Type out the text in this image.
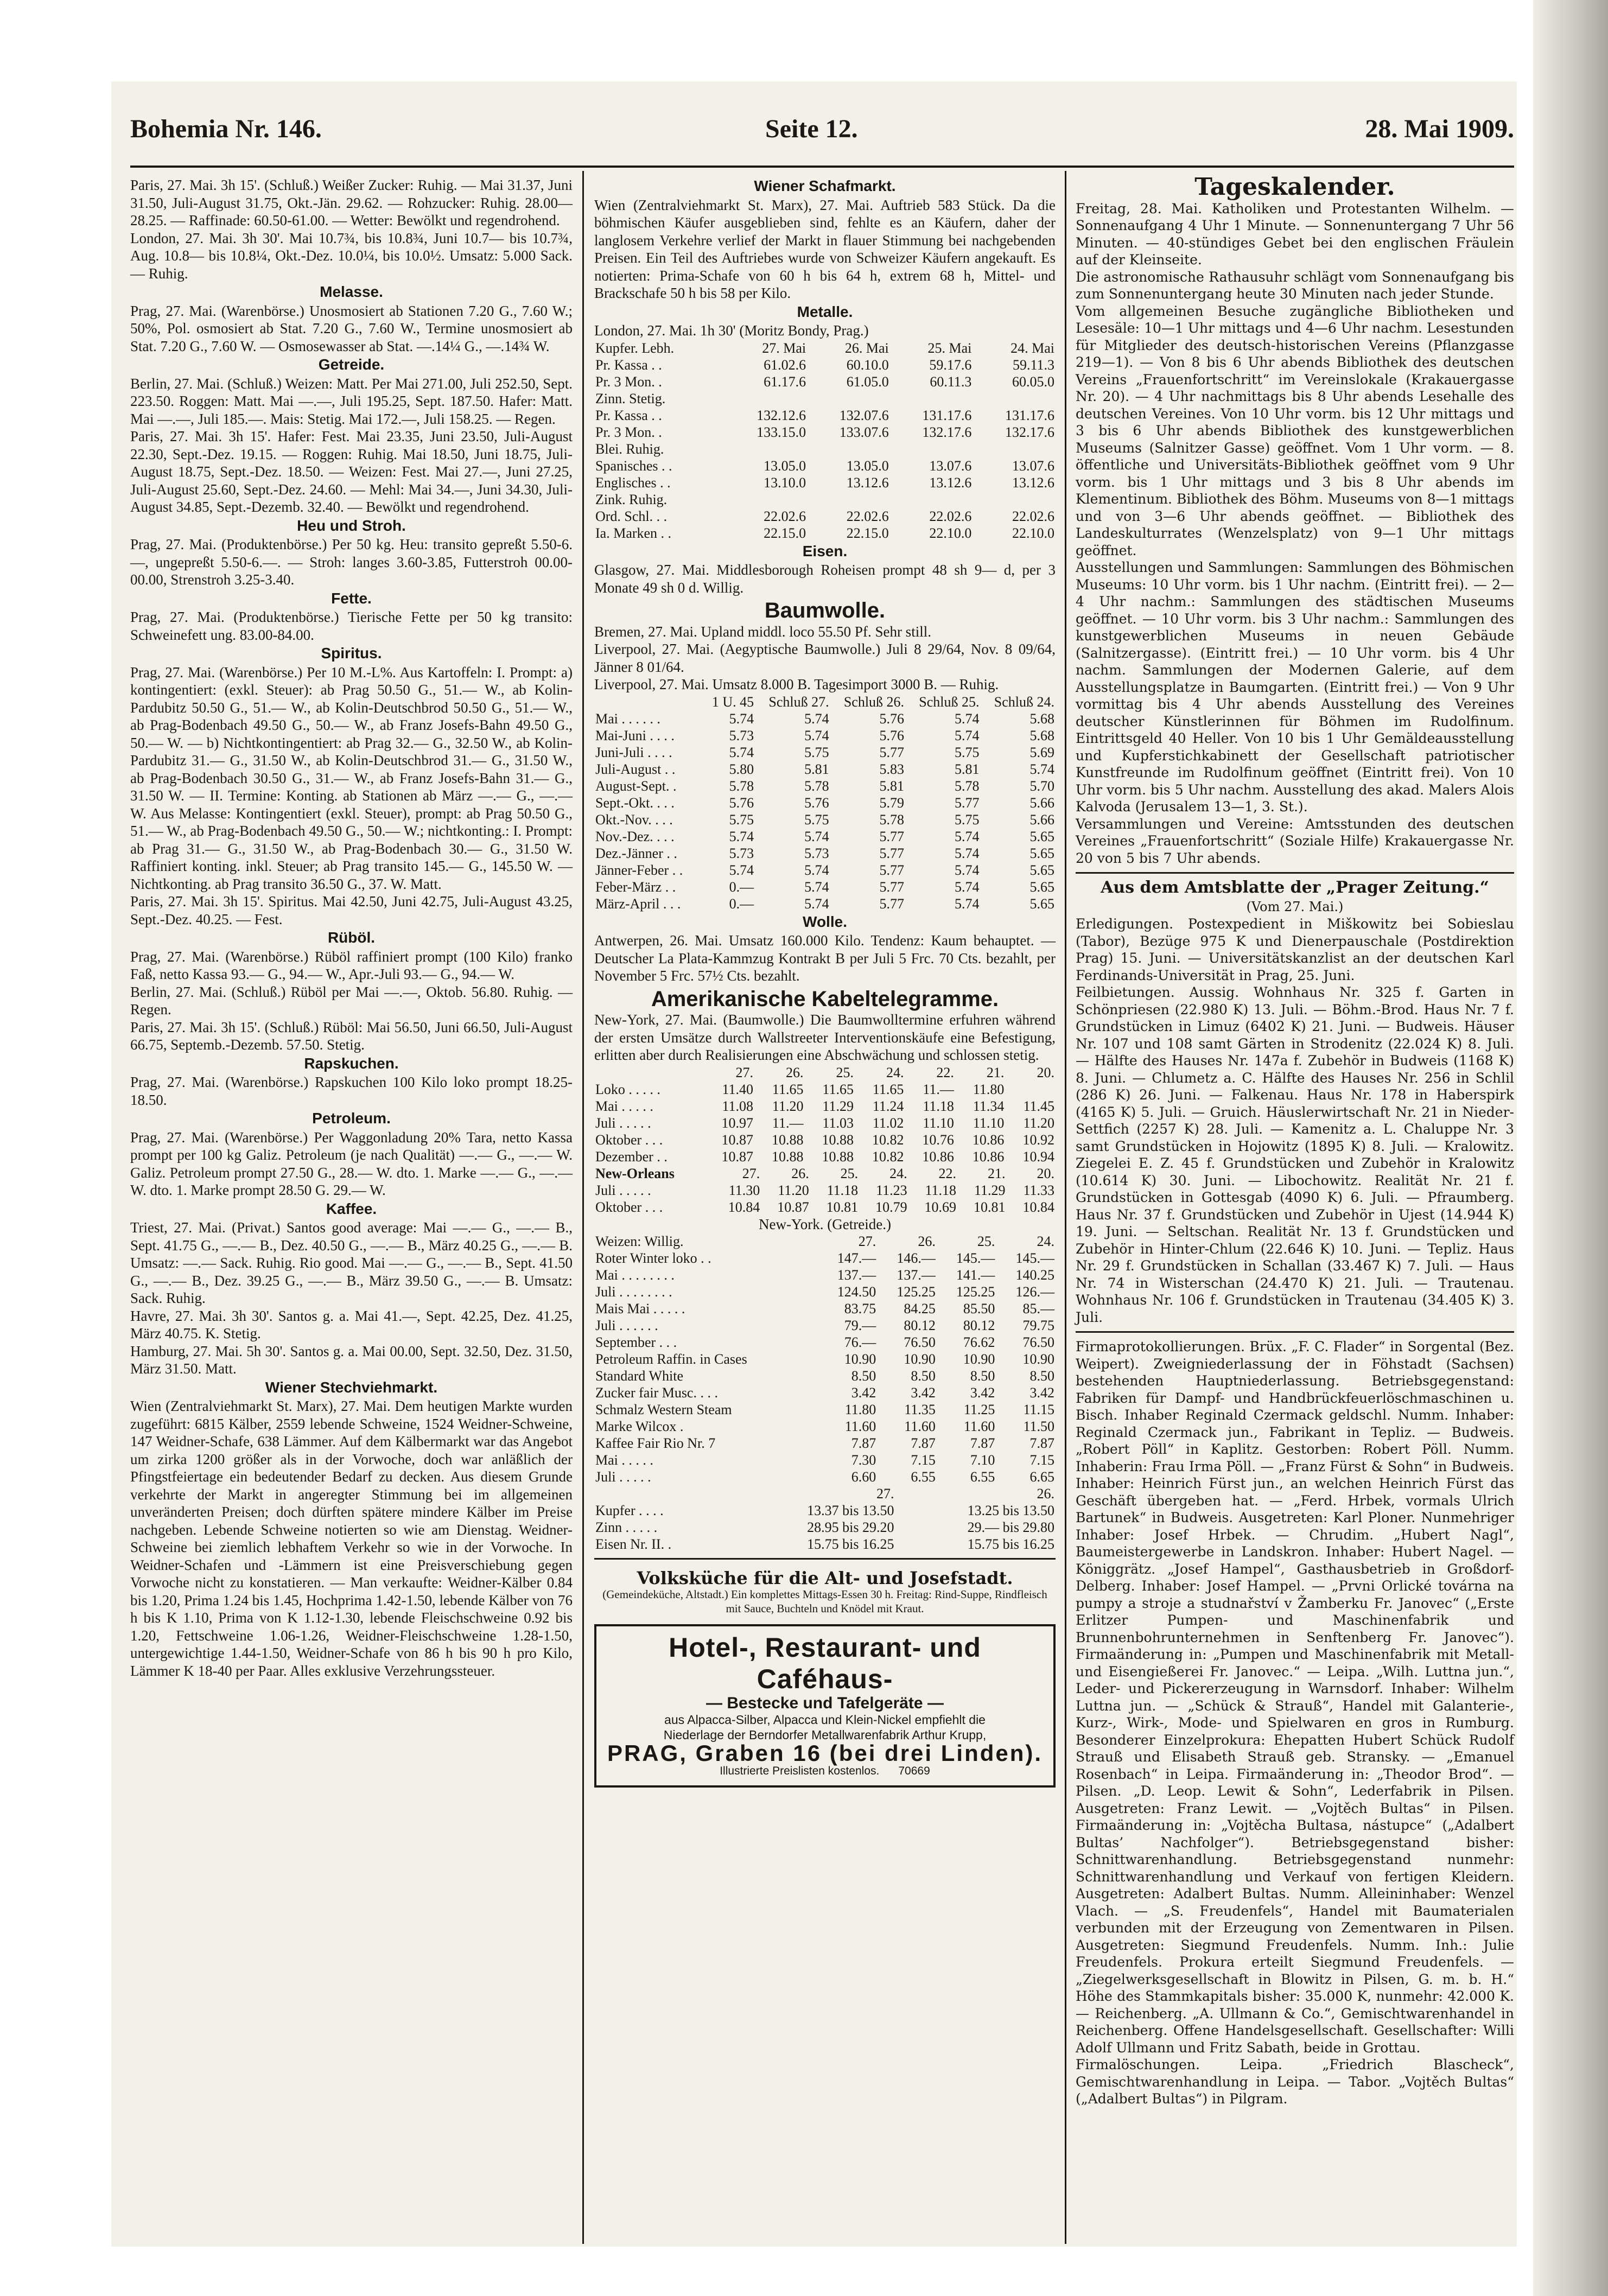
Bohemia Nr. 146.	Seite 12.	28. Mai 1909.

Paris, 27. Mai. 3h 15'. (Schluß.) Weißer Zucker: Ruhig. — Mai 31.37, Juni 31.50, Juli-August 31.75, Okt.-Jän. 29.62. — Rohzucker: Ruhig. 28.00—28.25. — Raffinade: 60.50-61.00. — Wetter: Bewölkt und regendrohend.

London, 27. Mai. 3h 30'. Mai 10.7¾, bis 10.8¾, Juni 10.7— bis 10.7¾, Aug. 10.8— bis 10.8¼, Okt.-Dez. 10.0¼, bis 10.0½. Umsatz: 5.000 Sack. — Ruhig.

Melasse.

Prag, 27. Mai. (Warenbörse.) Unosmosiert ab Stationen 7.20 G., 7.60 W.; 50%, Pol. osmosiert ab Stat. 7.20 G., 7.60 W., Termine unosmosiert ab Stat. 7.20 G., 7.60 W. — Osmosewasser ab Stat. —.14¼ G., —.14¾ W.

Getreide.

Berlin, 27. Mai. (Schluß.) Weizen: Matt. Per Mai 271.00, Juli 252.50, Sept. 223.50. Roggen: Matt. Mai —.—, Juli 195.25, Sept. 187.50. Hafer: Matt. Mai —.—, Juli 185.—. Mais: Stetig. Mai 172.—, Juli 158.25. — Regen.

Paris, 27. Mai. 3h 15'. Hafer: Fest. Mai 23.35, Juni 23.50, Juli-August 22.30, Sept.-Dez. 19.15. — Roggen: Ruhig. Mai 18.50, Juni 18.75, Juli-August 18.75, Sept.-Dez. 18.50. — Weizen: Fest. Mai 27.—, Juni 27.25, Juli-August 25.60, Sept.-Dez. 24.60. — Mehl: Mai 34.—, Juni 34.30, Juli-August 34.85, Sept.-Dezemb. 32.40. — Bewölkt und regendrohend.

Heu und Stroh.

Prag, 27. Mai. (Produktenbörse.) Per 50 kg. Heu: transito gepreßt 5.50-6.—, ungepreßt 5.50-6.—. — Stroh: langes 3.60-3.85, Futterstroh 00.00-00.00, Strenstroh 3.25-3.40.

Fette.

Prag, 27. Mai. (Produktenbörse.) Tierische Fette per 50 kg transito: Schweinefett ung. 83.00-84.00.

Spiritus.

Prag, 27. Mai. (Warenbörse.) Per 10 M.-L%. Aus Kartoffeln: I. Prompt: a) kontingentiert: (exkl. Steuer): ab Prag 50.50 G., 51.— W., ab Kolin-Pardubitz 50.50 G., 51.— W., ab Kolin-Deutschbrod 50.50 G., 51.— W., ab Prag-Bodenbach 49.50 G., 50.— W., ab Franz Josefs-Bahn 49.50 G., 50.— W. — b) Nichtkontingentiert: ab Prag 32.— G., 32.50 W., ab Kolin-Pardubitz 31.— G., 31.50 W., ab Kolin-Deutschbrod 31.— G., 31.50 W., ab Prag-Bodenbach 30.50 G., 31.— W., ab Franz Josefs-Bahn 31.— G., 31.50 W. — II. Termine: Konting. ab Stationen ab März —.— G., —.— W. Aus Melasse: Kontingentiert (exkl. Steuer), prompt: ab Prag 50.50 G., 51.— W., ab Prag-Bodenbach 49.50 G., 50.— W.; nichtkonting.: I. Prompt: ab Prag 31.— G., 31.50 W., ab Prag-Bodenbach 30.— G., 31.50 W. Raffiniert konting. inkl. Steuer; ab Prag transito 145.— G., 145.50 W. — Nichtkonting. ab Prag transito 36.50 G., 37. W. Matt.

Paris, 27. Mai. 3h 15'. Spiritus. Mai 42.50, Juni 42.75, Juli-August 43.25, Sept.-Dez. 40.25. — Fest.

Rüböl.

Prag, 27. Mai. (Warenbörse.) Rüböl raffiniert prompt (100 Kilo) franko Faß, netto Kassa 93.— G., 94.— W., Apr.-Juli 93.— G., 94.— W.

Berlin, 27. Mai. (Schluß.) Rüböl per Mai —.—, Oktob. 56.80. Ruhig. — Regen.

Paris, 27. Mai. 3h 15'. (Schluß.) Rüböl: Mai 56.50, Juni 66.50, Juli-August 66.75, Septemb.-Dezemb. 57.50. Stetig.

Rapskuchen.

Prag, 27. Mai. (Warenbörse.) Rapskuchen 100 Kilo loko prompt 18.25-18.50.

Petroleum.

Prag, 27. Mai. (Warenbörse.) Per Waggonladung 20% Tara, netto Kassa prompt per 100 kg Galiz. Petroleum (je nach Qualität) —.— G., —.— W. Galiz. Petroleum prompt 27.50 G., 28.— W. dto. 1. Marke —.— G., —.— W. dto. 1. Marke prompt 28.50 G. 29.— W.

Kaffee.

Triest, 27. Mai. (Privat.) Santos good average: Mai —.— G., —.— B., Sept. 41.75 G., —.— B., Dez. 40.50 G., —.— B., März 40.25 G., —.— B. Umsatz: —.— Sack. Ruhig. Rio good. Mai —.— G., —.— B., Sept. 41.50 G., —.— B., Dez. 39.25 G., —.— B., März 39.50 G., —.— B. Umsatz: Sack. Ruhig.

Havre, 27. Mai. 3h 30'. Santos g. a. Mai 41.—, Sept. 42.25, Dez. 41.25, März 40.75. K. Stetig.

Hamburg, 27. Mai. 5h 30'. Santos g. a. Mai 00.00, Sept. 32.50, Dez. 31.50, März 31.50. Matt.

Wiener Stechviehmarkt.

Wien (Zentralviehmarkt St. Marx), 27. Mai. Dem heutigen Markte wurden zugeführt: 6815 Kälber, 2559 lebende Schweine, 1524 Weidner-Schweine, 147 Weidner-Schafe, 638 Lämmer. Auf dem Kälbermarkt war das Angebot um zirka 1200 größer als in der Vorwoche, doch war anläßlich der Pfingstfeiertage ein bedeutender Bedarf zu decken. Aus diesem Grunde verkehrte der Markt in angeregter Stimmung bei im allgemeinen unveränderten Preisen; doch dürften spätere mindere Kälber im Preise nachgeben. Lebende Schweine notierten so wie am Dienstag. Weidner-Schweine bei ziemlich lebhaftem Verkehr so wie in der Vorwoche. In Weidner-Schafen und -Lämmern ist eine Preisverschiebung gegen Vorwoche nicht zu konstatieren. — Man verkaufte: Weidner-Kälber 0.84 bis 1.20, Prima 1.24 bis 1.45, Hochprima 1.42-1.50, lebende Kälber von 76 h bis K 1.10, Prima von K 1.12-1.30, lebende Fleischschweine 0.92 bis 1.20, Fettschweine 1.06-1.26, Weidner-Fleischschweine 1.28-1.50, untergewichtige 1.44-1.50, Weidner-Schafe von 86 h bis 90 h pro Kilo, Lämmer K 18-40 per Paar. Alles exklusive Verzehrungssteuer.

Wiener Schafmarkt.

Wien (Zentralviehmarkt St. Marx), 27. Mai. Auftrieb 583 Stück. Da die böhmischen Käufer ausgeblieben sind, fehlte es an Käufern, daher der langlosem Verkehre verlief der Markt in flauer Stimmung bei nachgebenden Preisen. Ein Teil des Auftriebes wurde von Schweizer Käufern angekauft. Es notierten: Prima-Schafe von 60 h bis 64 h, extrem 68 h, Mittel- und Brackschafe 50 h bis 58 per Kilo.

Metalle.

London, 27. Mai. 1h 30' (Moritz Bondy, Prag.)

Kupfer. Lebh.	27. Mai	26. Mai	25. Mai	24. Mai
Pr. Kassa . .	61.02.6	60.10.0	59.17.6	59.11.3
Pr. 3 Mon. .	61.17.6	61.05.0	60.11.3	60.05.0
Zinn. Stetig.				
Pr. Kassa . .	132.12.6	132.07.6	131.17.6	131.17.6
Pr. 3 Mon. .	133.15.0	133.07.6	132.17.6	132.17.6
Blei. Ruhig.				
Spanisches . .	13.05.0	13.05.0	13.07.6	13.07.6
Englisches . .	13.10.0	13.12.6	13.12.6	13.12.6
Zink. Ruhig.				
Ord. Schl. . .	22.02.6	22.02.6	22.02.6	22.02.6
Ia. Marken . .	22.15.0	22.15.0	22.10.0	22.10.0
Eisen.

Glasgow, 27. Mai. Middlesborough Roheisen prompt 48 sh 9— d, per 3 Monate 49 sh 0 d. Willig.

Baumwolle.

Bremen, 27. Mai. Upland middl. loco 55.50 Pf. Sehr still.

Liverpool, 27. Mai. (Aegyptische Baumwolle.) Juli 8 29/64, Nov. 8 09/64, Jänner 8 01/64.

Liverpool, 27. Mai. Umsatz 8.000 B. Tagesimport 3000 B. — Ruhig.

	1 U. 45	Schluß 27.	Schluß 26.	Schluß 25.	Schluß 24.
Mai . . . . . .	5.74	5.74	5.76	5.74	5.68
Mai-Juni . . . .	5.73	5.74	5.76	5.74	5.68
Juni-Juli . . . .	5.74	5.75	5.77	5.75	5.69
Juli-August . .	5.80	5.81	5.83	5.81	5.74
August-Sept. .	5.78	5.78	5.81	5.78	5.70
Sept.-Okt. . . .	5.76	5.76	5.79	5.77	5.66
Okt.-Nov. . . .	5.75	5.75	5.78	5.75	5.66
Nov.-Dez. . . .	5.74	5.74	5.77	5.74	5.65
Dez.-Jänner . .	5.73	5.73	5.77	5.74	5.65
Jänner-Feber . .	5.74	5.74	5.77	5.74	5.65
Feber-März . .	0.—	5.74	5.77	5.74	5.65
März-April . . .	0.—	5.74	5.77	5.74	5.65
Wolle.

Antwerpen, 26. Mai. Umsatz 160.000 Kilo. Tendenz: Kaum behauptet. — Deutscher La Plata-Kammzug Kontrakt B per Juli 5 Frc. 70 Cts. bezahlt, per November 5 Frc. 57½ Cts. bezahlt.

Amerikanische Kabeltelegramme.

New-York, 27. Mai. (Baumwolle.) Die Baumwolltermine erfuhren während der ersten Umsätze durch Wallstreeter Interventionskäufe eine Befestigung, erlitten aber durch Realisierungen eine Abschwächung und schlossen stetig.

	27.	26.	25.	24.	22.	21.	20.
Loko . . . . .	11.40	11.65	11.65	11.65	11.—	11.80	
Mai . . . . .	11.08	11.20	11.29	11.24	11.18	11.34	11.45
Juli . . . . .	10.97	11.—	11.03	11.02	11.10	11.10	11.20
Oktober . . .	10.87	10.88	10.88	10.82	10.76	10.86	10.92
Dezember . .	10.87	10.88	10.88	10.82	10.86	10.86	10.94
New-Orleans	27.	26.	25.	24.	22.	21.	20.
Juli . . . . .	11.30	11.20	11.18	11.23	11.18	11.29	11.33
Oktober . . .	10.84	10.87	10.81	10.79	10.69	10.81	10.84

New-York. (Getreide.)

Weizen: Willig.	27.	26.	25.	24.
Roter Winter loko . .	147.—	146.—	145.—	145.—
Mai . . . . . . . .	137.—	137.—	141.—	140.25
Juli . . . . . . . .	124.50	125.25	125.25	126.—
Mais Mai . . . . .	83.75	84.25	85.50	85.—
Juli . . . . . .	79.—	80.12	80.12	79.75
September . . .	76.—	76.50	76.62	76.50
Petroleum Raffin. in Cases	10.90	10.90	10.90	10.90
Standard White	8.50	8.50	8.50	8.50
Zucker fair Musc. . . .	3.42	3.42	3.42	3.42
Schmalz Western Steam	11.80	11.35	11.25	11.15
Marke Wilcox .	11.60	11.60	11.60	11.50
Kaffee Fair Rio Nr. 7	7.87	7.87	7.87	7.87
Mai . . . . .	7.30	7.15	7.10	7.15
Juli . . . . .	6.60	6.55	6.55	6.65
	27.	26.
Kupfer . . . .	13.37 bis 13.50	13.25 bis 13.50
Zinn . . . . .	28.95 bis 29.20	29.— bis 29.80
Eisen Nr. II. .	15.75 bis 16.25	15.75 bis 16.25
Volksküche für die Alt- und Josefstadt.
(Gemeindeküche, Altstadt.) Ein komplettes Mittags-Essen 30 h. Freitag: Rind-Suppe, Rindfleisch mit Sauce, Buchteln und Knödel mit Kraut.
Hotel-, Restaurant- und Caféhaus-
— Bestecke und Tafelgeräte —
aus Alpacca-Silber, Alpacca und Klein-Nickel empfiehlt die
Niederlage der Berndorfer Metallwarenfabrik Arthur Krupp,
PRAG, Graben 16 (bei drei Linden).
Illustrierte Preislisten kostenlos. 70669
Tageskalender.

Freitag, 28. Mai. Katholiken und Protestanten Wilhelm. — Sonnenaufgang 4 Uhr 1 Minute. — Sonnenuntergang 7 Uhr 56 Minuten. — 40-stündiges Gebet bei den englischen Fräulein auf der Kleinseite.

Die astronomische Rathausuhr schlägt vom Sonnenaufgang bis zum Sonnenuntergang heute 30 Minuten nach jeder Stunde.

Vom allgemeinen Besuche zugängliche Bibliotheken und Lesesäle: 10—1 Uhr mittags und 4—6 Uhr nachm. Lesestunden für Mitglieder des deutsch-historischen Vereins (Pflanzgasse 219—1). — Von 8 bis 6 Uhr abends Bibliothek des deutschen Vereins „Frauenfortschritt“ im Vereinslokale (Krakauergasse Nr. 20). — 4 Uhr nachmittags bis 8 Uhr abends Lesehalle des deutschen Vereines. Von 10 Uhr vorm. bis 12 Uhr mittags und 3 bis 6 Uhr abends Bibliothek des kunstgewerblichen Museums (Salnitzer Gasse) geöffnet. Vom 1 Uhr vorm. — 8. öffentliche und Universitäts-Bibliothek geöffnet vom 9 Uhr vorm. bis 1 Uhr mittags und 3 bis 8 Uhr abends im Klementinum. Bibliothek des Böhm. Museums von 8—1 mittags und von 3—6 Uhr abends geöffnet. — Bibliothek des Landeskulturrates (Wenzelsplatz) von 9—1 Uhr mittags geöffnet.

Ausstellungen und Sammlungen: Sammlungen des Böhmischen Museums: 10 Uhr vorm. bis 1 Uhr nachm. (Eintritt frei). — 2—4 Uhr nachm.: Sammlungen des städtischen Museums geöffnet. — 10 Uhr vorm. bis 3 Uhr nachm.: Sammlungen des kunstgewerblichen Museums in neuen Gebäude (Salnitzergasse). (Eintritt frei.) — 10 Uhr vorm. bis 4 Uhr nachm. Sammlungen der Modernen Galerie, auf dem Ausstellungsplatze in Baumgarten. (Eintritt frei.) — Von 9 Uhr vormittag bis 4 Uhr abends Ausstellung des Vereines deutscher Künstlerinnen für Böhmen im Rudolfinum. Eintrittsgeld 40 Heller. Von 10 bis 1 Uhr Gemäldeausstellung und Kupferstichkabinett der Gesellschaft patriotischer Kunstfreunde im Rudolfinum geöffnet (Eintritt frei). Von 10 Uhr vorm. bis 5 Uhr nachm. Ausstellung des akad. Malers Alois Kalvoda (Jerusalem 13—1, 3. St.).

Versammlungen und Vereine: Amtsstunden des deutschen Vereines „Frauenfortschritt“ (Soziale Hilfe) Krakauergasse Nr. 20 von 5 bis 7 Uhr abends.

Aus dem Amtsblatte der „Prager Zeitung.“
(Vom 27. Mai.)

Erledigungen. Postexpedient in Miškowitz bei Sobieslau (Tabor), Bezüge 975 K und Dienerpauschale (Postdirektion Prag) 15. Juni. — Universitätskanzlist an der deutschen Karl Ferdinands-Universität in Prag, 25. Juni.

Feilbietungen. Aussig. Wohnhaus Nr. 325 f. Garten in Schönpriesen (22.980 K) 13. Juli. — Böhm.-Brod. Haus Nr. 7 f. Grundstücken in Limuz (6402 K) 21. Juni. — Budweis. Häuser Nr. 107 und 108 samt Gärten in Strodenitz (22.024 K) 8. Juli. — Hälfte des Hauses Nr. 147a f. Zubehör in Budweis (1168 K) 8. Juni. — Chlumetz a. C. Hälfte des Hauses Nr. 256 in Schlil (286 K) 26. Juni. — Falkenau. Haus Nr. 178 in Haberspirk (4165 K) 5. Juli. — Gruich. Häuslerwirtschaft Nr. 21 in Nieder-Settfich (2257 K) 28. Juli. — Kamenitz a. L. Chaluppe Nr. 3 samt Grundstücken in Hojowitz (1895 K) 8. Juli. — Kralowitz. Ziegelei E. Z. 45 f. Grundstücken und Zubehör in Kralowitz (10.614 K) 30. Juni. — Libochowitz. Realität Nr. 21 f. Grundstücken in Gottesgab (4090 K) 6. Juli. — Pfraumberg. Haus Nr. 37 f. Grundstücken und Zubehör in Ujest (14.944 K) 19. Juni. — Seltschan. Realität Nr. 13 f. Grundstücken und Zubehör in Hinter-Chlum (22.646 K) 10. Juni. — Tepliz. Haus Nr. 29 f. Grundstücken in Schallan (33.467 K) 7. Juli. — Haus Nr. 74 in Wisterschan (24.470 K) 21. Juli. — Trautenau. Wohnhaus Nr. 106 f. Grundstücken in Trautenau (34.405 K) 3. Juli.

Firmaprotokollierungen. Brüx. „F. C. Flader“ in Sorgental (Bez. Weipert). Zweigniederlassung der in Föhstadt (Sachsen) bestehenden Hauptniederlassung. Betriebsgegenstand: Fabriken für Dampf- und Handbrückfeuerlöschmaschinen u. Bisch. Inhaber Reginald Czermack geldschl. Numm. Inhaber: Reginald Czermack jun., Fabrikant in Tepliz. — Budweis. „Robert Pöll“ in Kaplitz. Gestorben: Robert Pöll. Numm. Inhaberin: Frau Irma Pöll. — „Franz Fürst & Sohn“ in Budweis. Inhaber: Heinrich Fürst jun., an welchen Heinrich Fürst das Geschäft übergeben hat. — „Ferd. Hrbek, vormals Ulrich Bartunek“ in Budweis. Ausgetreten: Karl Ploner. Nunmehriger Inhaber: Josef Hrbek. — Chrudim. „Hubert Nagl“, Baumeistergewerbe in Landskron. Inhaber: Hubert Nagel. — Königgrätz. „Josef Hampel“, Gasthausbetrieb in Großdorf-Delberg. Inhaber: Josef Hampel. — „Prvni Orlické továrna na pumpy a stroje a studnařství v Žamberku Fr. Janovec“ („Erste Erlitzer Pumpen- und Maschinenfabrik und Brunnenbohrunternehmen in Senftenberg Fr. Janovec“). Firmaänderung in: „Pumpen und Maschinenfabrik mit Metall- und Eisengießerei Fr. Janovec.“ — Leipa. „Wilh. Luttna jun.“, Leder- und Pickererzeugung in Warnsdorf. Inhaber: Wilhelm Luttna jun. — „Schück & Strauß“, Handel mit Galanterie-, Kurz-, Wirk-, Mode- und Spielwaren en gros in Rumburg. Besonderer Einzelprokura: Ehepatten Hubert Schück Rudolf Strauß und Elisabeth Strauß geb. Stransky. — „Emanuel Rosenbach“ in Leipa. Firmaänderung in: „Theodor Brod“. — Pilsen. „D. Leop. Lewit & Sohn“, Lederfabrik in Pilsen. Ausgetreten: Franz Lewit. — „Vojtěch Bultas“ in Pilsen. Firmaänderung in: „Vojtěcha Bultasa, nástupce“ („Adalbert Bultas’ Nachfolger“). Betriebsgegenstand bisher: Schnittwarenhandlung. Betriebsgegenstand nunmehr: Schnittwarenhandlung und Verkauf von fertigen Kleidern. Ausgetreten: Adalbert Bultas. Numm. Alleininhaber: Wenzel Vlach. — „S. Freudenfels“, Handel mit Baumaterialen verbunden mit der Erzeugung von Zementwaren in Pilsen. Ausgetreten: Siegmund Freudenfels. Numm. Inh.: Julie Freudenfels. Prokura erteilt Siegmund Freudenfels. — „Ziegelwerksgesellschaft in Blowitz in Pilsen, G. m. b. H.“ Höhe des Stammkapitals bisher: 35.000 K, nunmehr: 42.000 K. — Reichenberg. „A. Ullmann & Co.“, Gemischtwarenhandel in Reichenberg. Offene Handelsgesellschaft. Gesellschafter: Willi Adolf Ullmann und Fritz Sabath, beide in Grottau.

Firmalöschungen. Leipa. „Friedrich Blascheck“, Gemischtwarenhandlung in Leipa. — Tabor. „Vojtěch Bultas“ („Adalbert Bultas“) in Pilgram.
